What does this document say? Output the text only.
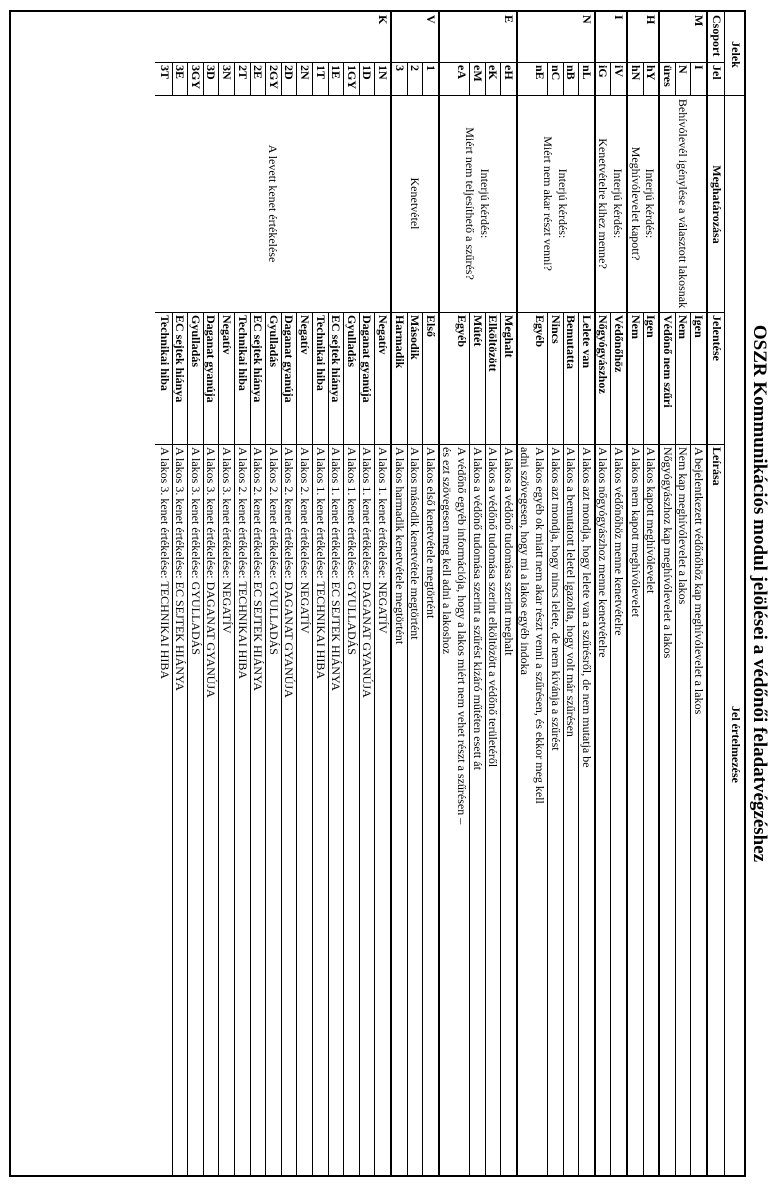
OSZR Kommunikációs modul jelölései a védőnői feladatvégzéshez
Jelek
Jel értelmezése
Csoport
Jel
Meghatározása
Jelentése
Leírása
I
Igen
A bejelentkezett védőnőhöz kap meghívólevelet a lakos
N
Nem
Nem kap meghívólevelet a lakos
üres
Védőnő nem szűri
Nőgyógyászhoz kap meghívólevelet a lakos
M
Behívólevél igénylése a választott lakosnak
hY
Igen
A lakos kapott meghívólevelet
hN
Nem
A lakos nem kapott meghívólevelet
H
Interjú kérdés:
Meghívólevelet kapott?
iV
Védőnőhöz
A lakos védőnőhöz menne kenetvételre
iG
Nőgyógyászhoz
A lakos nőgyógyászhoz menne kenetvételre
I
Interjú kérdés:
Kenetvételre kihez menne?
nL
Lelete van
A lakos azt mondja, hogy lelete van a szűrésről, de nem mutatja be
nB
Bemutatta
A lakos a bemutatott leletel igazolta, hogy volt már szűrésen
nC
Nincs
A lakos azt mondja, hogy nincs lelete, de nem kívánja a szűrést
nE
Egyéb
A lakos egyéb ok miatt nem akar részt venni a szűrésen, és ekkor meg kell
adni szövegesen, hogy mi a lakos egyéb indoka
N
Interjú kérdés:
Miért nem akar részt venni?
eH
Meghalt
A lakos a védőnő tudomása szerint meghalt
eK
Elköltözött
A lakos a védőnő tudomása szerint elköltözött a védőnő területéről
eM
Műtét
A lakos a védőnő tudomása szerint a szűrést kizáró műtéten esett át
eA
Egyéb
A védőnő egyéb információja, hogy a lakos miért nem vehet részt a szűrésen –
és ezt szövegesen meg kell adni a lakoshoz
E
Interjú kérdés:
Miért nem teljesíthető a szűrés?
1
Első
A lakos első kenetvétele megtörtént
2
Második
A lakos második kenetvétele megtörtént
3
Harmadik
A lakos harmadik kenetvétele megtörtént
V
Kenetvétel
1N
Negatív
A lakos 1. kenet értékelése: NEGATÍV
1D
Daganat gyanúja
A lakos 1. kenet értékelése: DAGANAT GYANÚJA
1GY
Gyulladás
A lakos 1. kenet értékelése: GYULLADÁS
1E
EC sejtek hiánya
A lakos 1. kenet értékelése: EC SEJTEK HIÁNYA
1T
Technikai hiba
A lakos 1. kenet értékelése: TECHNIKAI HIBA
2N
Negatív
A lakos 2. kenet értékelése: NEGATÍV
2D
Daganat gyanúja
A lakos 2. kenet értékelése: DAGANAT GYANÚJA
2GY
Gyulladás
A lakos 2. kenet értékelése: GYULLADÁS
2E
EC sejtek hiánya
A lakos 2. kenet értékelése: EC SEJTEK HIÁNYA
2T
Technikai hiba
A lakos 2. kenet értékelése: TECHNIKAI HIBA
3N
Negatív
A lakos 3. kenet értékelése: NEGATÍV
3D
Daganat gyanúja
A lakos 3. kenet értékelése: DAGANAT GYANÚJA
3GY
Gyulladás
A lakos 3. kenet értékelése: GYULLADÁS
3E
EC sejtek hiánya
A lakos 3. kenet értékelése: EC SEJTEK HIÁNYA
3T
Technikai hiba
A lakos 3. kenet értékelése: TECHNIKAI HIBA
K
A levett kenet értékelése
